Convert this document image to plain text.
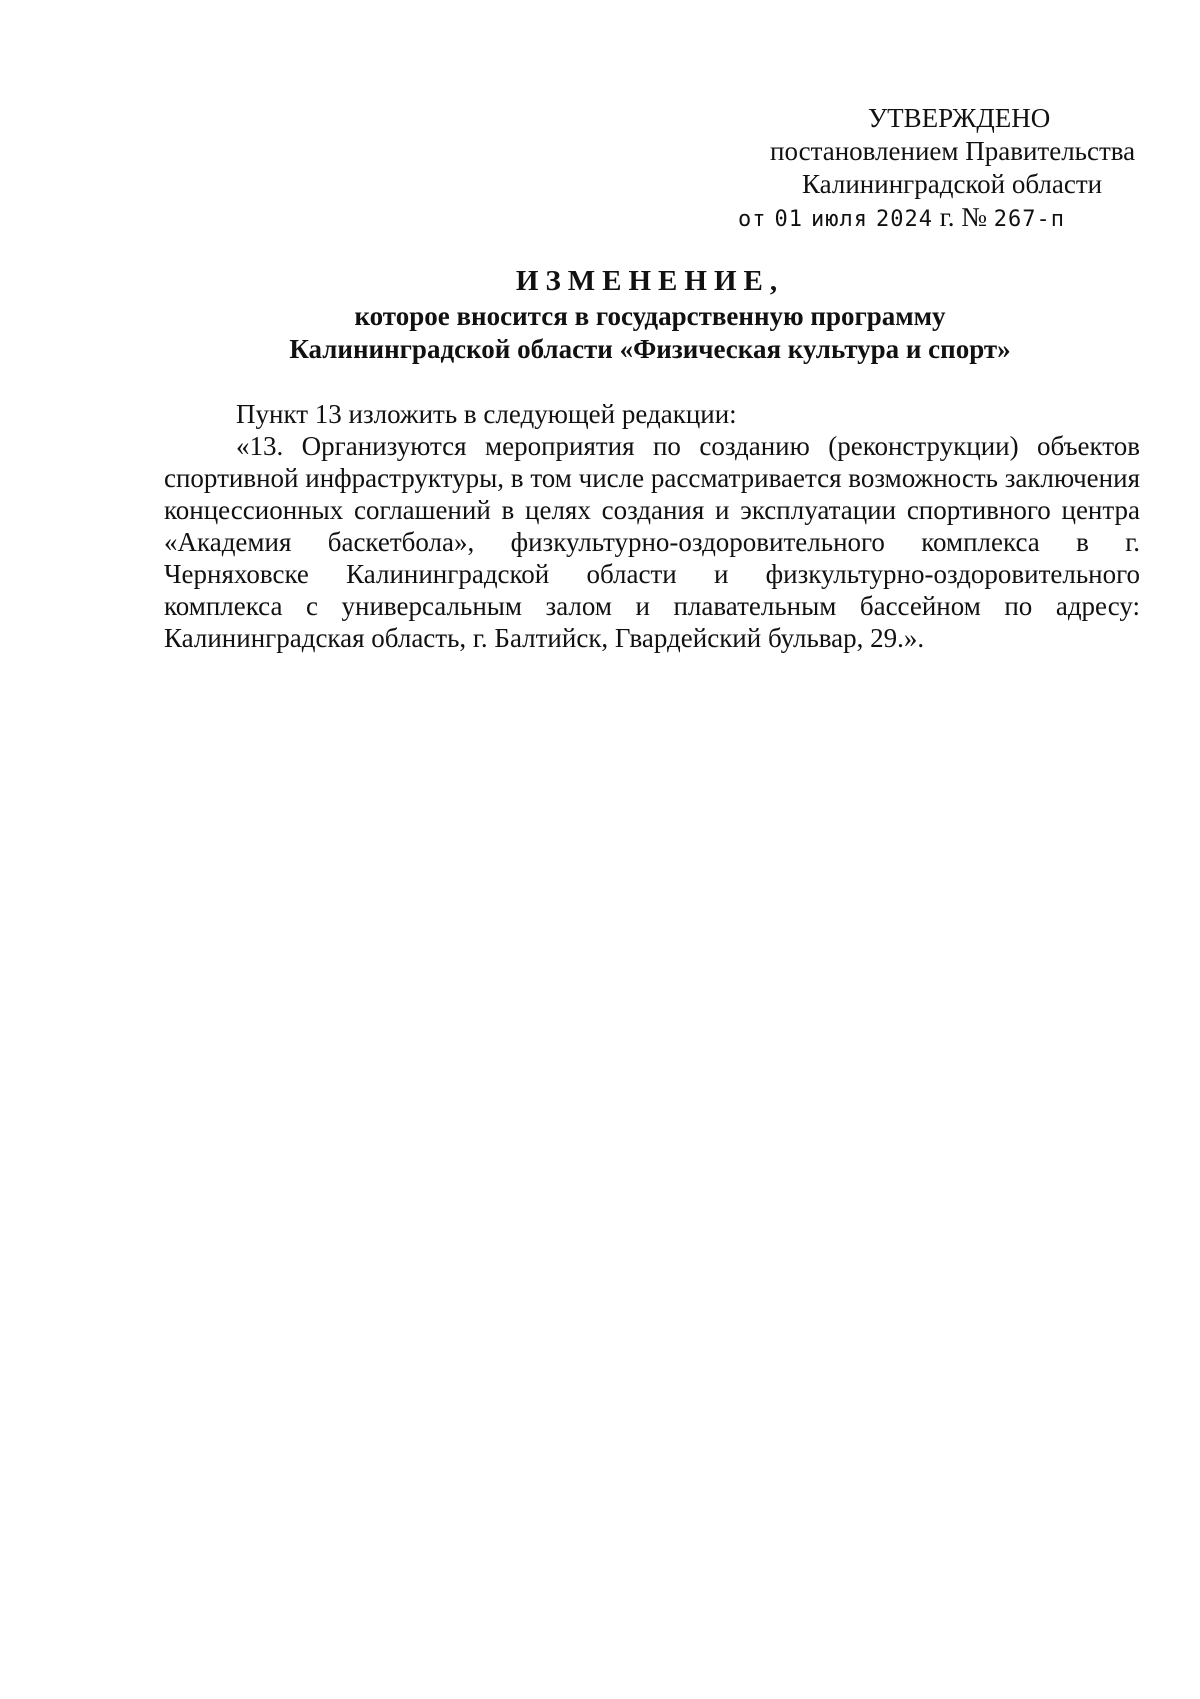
УТВЕРЖДЕНО
постановлением Правительства
Калининградской области
от 01 июля 2024 г. № 267-п

ИЗМЕНЕНИЕ,

которое вносится в государственную программу

Калининградской области «Физическая культура и спорт»

Пункт 13 изложить в следующей редакции:

«13. Организуются мероприятия по созданию (реконструкции) объектов спортивной инфраструктуры, в том числе рассматривается возможность заключения концессионных соглашений в целях создания и эксплуатации спортивного центра «Академия баскетбола», физкультурно-оздоровительного комплекса в г. Черняховске Калининградской области и физкультурно-оздоровительного комплекса с универсальным залом и плавательным бассейном по адресу: Калининградская область, г. Балтийск, Гвардейский бульвар, 29.».
